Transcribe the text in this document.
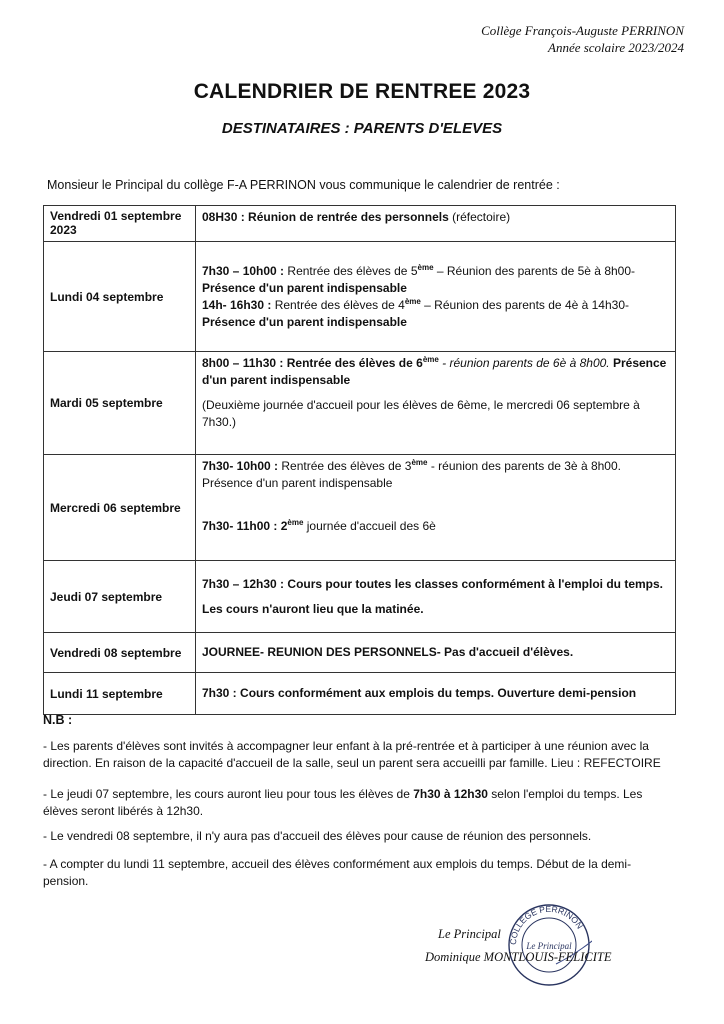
Collège François-Auguste PERRINON
Année scolaire 2023/2024
CALENDRIER DE RENTREE 2023
DESTINATAIRES : PARENTS D'ELEVES
Monsieur le Principal du collège F-A PERRINON vous communique le calendrier de rentrée :
Vendredi 01 septembre
2023	08H30 : Réunion de rentrée des personnels (réfectoire)
Lundi 04 septembre	7h30 – 10h00 : Rentrée des élèves de 5ème – Réunion des parents de 5è à 8h00-
Présence d'un parent indispensable
14h- 16h30 : Rentrée des élèves de 4ème – Réunion des parents de 4è à 14h30-
Présence d'un parent indispensable

Mardi 05 septembre	8h00 – 11h30 : Rentrée des élèves de 6ème - réunion parents de 6è à 8h00. Présence
d'un parent indispensable
(Deuxième journée d'accueil pour les élèves de 6ème, le mercredi 06 septembre à 7h30.)

Mercredi 06 septembre	7h30- 10h00 : Rentrée des élèves de 3ème - réunion des parents de 3è à 8h00.
Présence d'un parent indispensable
7h30- 11h00 : 2ème journée d'accueil des 6è

Jeudi 07 septembre	7h30 – 12h30 : Cours pour toutes les classes conformément à l'emploi du temps.
Les cours n'auront lieu que la matinée.

Vendredi 08 septembre	JOURNEE- REUNION DES PERSONNELS- Pas d'accueil d'élèves.
Lundi 11 septembre	7h30 : Cours conformément aux emplois du temps. Ouverture demi-pension
N.B :
- Les parents d'élèves sont invités à accompagner leur enfant à la pré-rentrée et à participer à une réunion avec la direction. En raison de la capacité d'accueil de la salle, seul un parent sera accueilli par famille. Lieu : REFECTOIRE
- Le jeudi 07 septembre, les cours auront lieu pour tous les élèves de 7h30 à 12h30 selon l'emploi du temps. Les élèves seront libérés à 12h30.
- Le vendredi 08 septembre, il n'y aura pas d'accueil des élèves pour cause de réunion des personnels.
- A compter du lundi 11 septembre, accueil des élèves conformément aux emplois du temps. Début de la demi-pension.
COLLEGE PERRINON
Le Principal
Le Principal
Dominique MONTLOUIS-FELICITE
